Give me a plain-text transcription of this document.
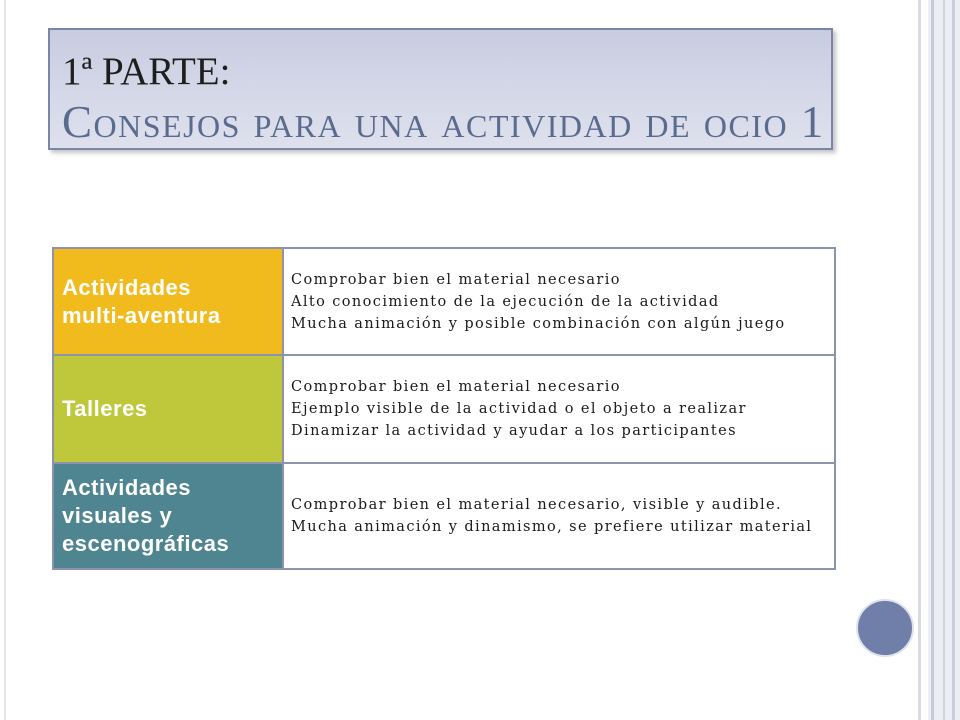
1ª PARTE:
Consejos para una actividad de ocio 1
Actividades multi-aventura
Comprobar bien el material necesario
Alto conocimiento de la ejecución de la actividad
Mucha animación y posible combinación con algún juego
Talleres
Comprobar bien el material necesario
Ejemplo visible de la actividad o el objeto a realizar
Dinamizar la actividad y ayudar a los participantes
Actividades visuales y escenográficas
Comprobar bien el material necesario, visible y audible.
Mucha animación y dinamismo, se prefiere utilizar material
